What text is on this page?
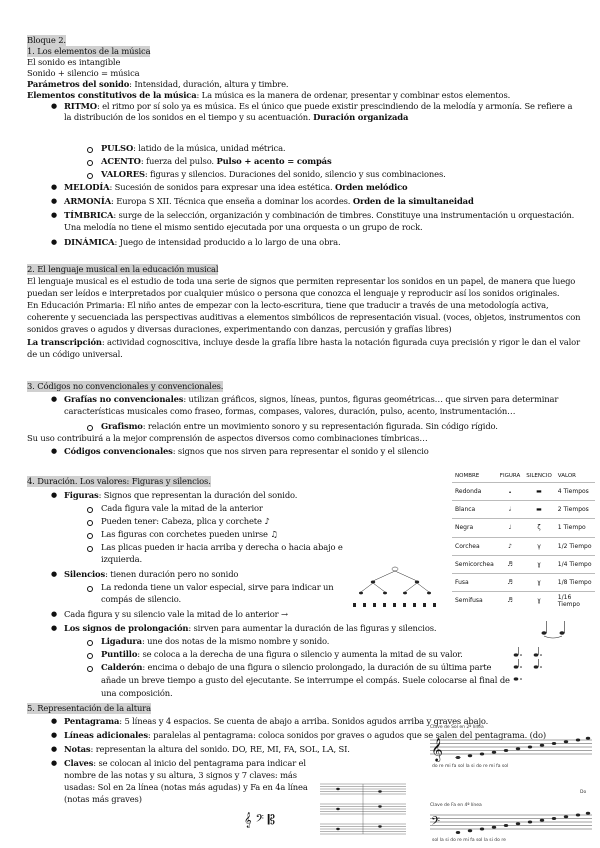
Bloque 2.
1. Los elementos de la música
El sonido es intangible
Sonido + silencio = música
Parámetros del sonido: Intensidad, duración, altura y timbre.
Elementos constitutivos de la música: La música es la manera de ordenar, presentar y combinar estos elementos.
● RITMO: el ritmo por sí solo ya es música. Es el único que puede existir prescindiendo de la melodía y armonía. Se refiere a
la distribución de los sonidos en el tiempo y su acentuación. Duración organizada
PULSO: latido de la música, unidad métrica.
ACENTO: fuerza del pulso. Pulso + acento = compás
VALORES: figuras y silencios. Duraciones del sonido, silencio y sus combinaciones.
● MELODÍA: Sucesión de sonidos para expresar una idea estética. Orden melódico
● ARMONÍA: Europa S XII. Técnica que enseña a dominar los acordes. Orden de la simultaneidad
● TÍMBRICA: surge de la selección, organización y combinación de timbres. Constituye una instrumentación u orquestación.
Una melodía no tiene el mismo sentido ejecutada por una orquesta o un grupo de rock.
● DINÁMICA: Juego de intensidad producido a lo largo de una obra.
2. El lenguaje musical en la educación musical
El lenguaje musical es el estudio de toda una serie de signos que permiten representar los sonidos en un papel, de manera que luego
puedan ser leídos e interpretados por cualquier músico o persona que conozca el lenguaje y reproducir así los sonidos originales.
En Educación Primaria: El niño antes de empezar con la lecto-escritura, tiene que traducir a través de una metodología activa,
coherente y secuenciada las perspectivas auditivas a elementos simbólicos de representación visual. (voces, objetos, instrumentos con
sonidos graves o agudos y diversas duraciones, experimentando con danzas, percusión y grafías libres)
La transcripción: actividad cognoscitiva, incluye desde la grafía libre hasta la notación figurada cuya precisión y rigor le dan el valor
de un código universal.
3. Códigos no convencionales y convencionales.
● Grafías no convencionales: utilizan gráficos, signos, líneas, puntos, figuras geométricas… que sirven para determinar
características musicales como fraseo, formas, compases, valores, duración, pulso, acento, instrumentación…
Grafismo: relación entre un movimiento sonoro y su representación figurada. Sin código rígido.
Su uso contribuirá a la mejor comprensión de aspectos diversos como combinaciones tímbricas…
● Códigos convencionales: signos que nos sirven para representar el sonido y el silencio
4. Duración. Los valores: Figuras y silencios.
● Figuras: Signos que representan la duración del sonido.
Cada figura vale la mitad de la anterior
Pueden tener: Cabeza, plica y corchete ♪
Las figuras con corchetes pueden unirse ♫
Las plicas pueden ir hacia arriba y derecha o hacia abajo e
izquierda.
● Silencios: tienen duración pero no sonido
La redonda tiene un valor especial, sirve para indicar un
compás de silencio.
● Cada figura y su silencio vale la mitad de lo anterior →
● Los signos de prolongación: sirven para aumentar la duración de las figuras y silencios.
Ligadura: une dos notas de la mismo nombre y sonido.
Puntillo: se coloca a la derecha de una figura o silencio y aumenta la mitad de su valor.
Calderón: encima o debajo de una figura o silencio prolongado, la duración de su última parte
añade un breve tiempo a gusto del ejecutante. Se interrumpe el compás. Suele colocarse al final de
una composición.
5. Representación de la altura
● Pentagrama: 5 líneas y 4 espacios. Se cuenta de abajo a arriba. Sonidos agudos arriba y graves abajo.
● Líneas adicionales: paralelas al pentagrama: coloca sonidos por graves o agudos que se salen del pentagrama. (do)
● Notas: representan la altura del sonido. DO, RE, MI, FA, SOL, LA, SI.
● Claves: se colocan al inicio del pentagrama para indicar el
nombre de las notas y su altura, 3 signos y 7 claves: más
usadas: Sol en 2a línea (notas más agudas) y Fa en 4a línea
(notas más graves)
NOMBRE	FIGURA	SILENCIO	VALOR
Redonda	𝅝	▬	4 Tiempos
Blanca	𝅗𝅥	▬	2 Tiempos
Negra	♩	ζ	1 Tiempo
Corchea	♪	γ	1/2 Tiempo
Semicorchea	♬	ɣ	1/4 Tiempo
Fusa	♬	ɣ	1/8 Tiempo
Semifusa	♬	ɣ	1/16 Tiempo
𝄞 𝄢 𝄡
Clave de Sol en 2ª línea
𝄞
do re mi fa sol la si do re mi fa sol
Clave de Fa en 4ª línea
𝄢
sol la si do re mi fa sol la si do re
Do
